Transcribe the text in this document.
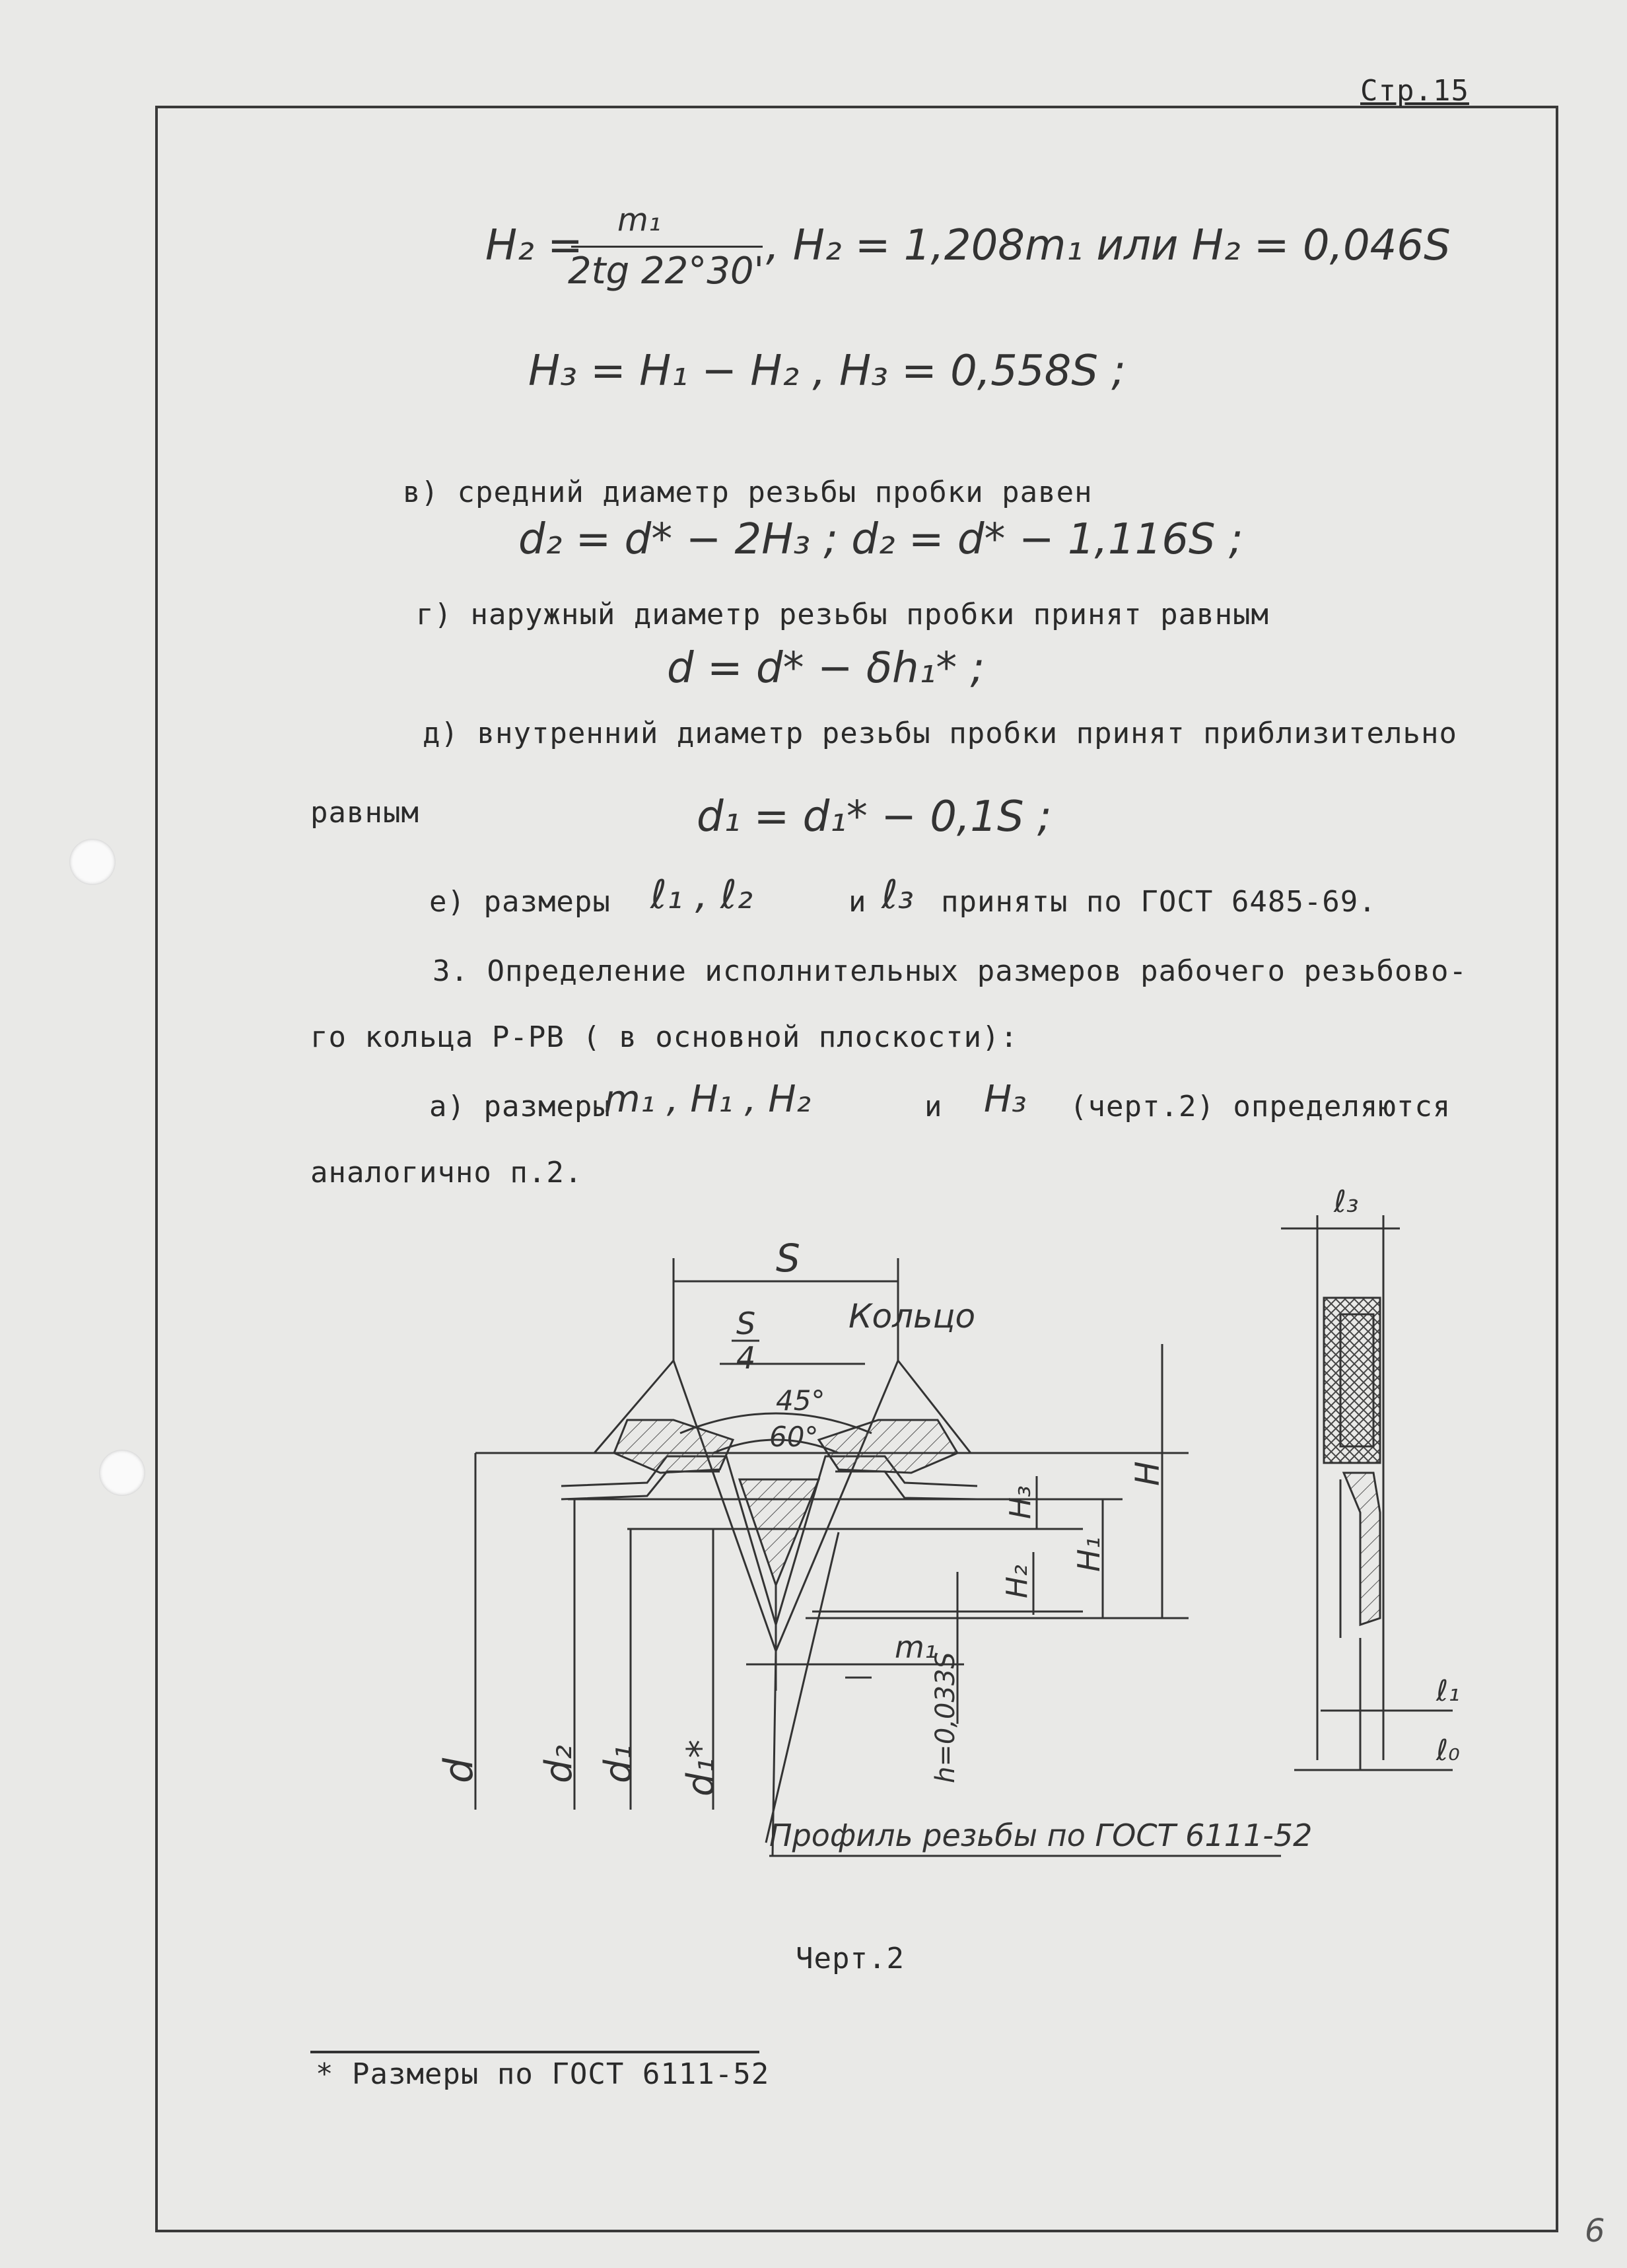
Стр.15
6
H₂ =
m₁
2tg 22°30'
, H₂ = 1,208m₁ или H₂ = 0,046S
H₃ = H₁ − H₂ , H₃ = 0,558S ;
в) средний диаметр резьбы пробки равен
d₂ = d* − 2H₃ ; d₂ = d* − 1,116S ;
г) наружный диаметр резьбы пробки принят равным
d = d* − δh₁* ;
д) внутренний диаметр резьбы пробки принят приблизительно
равным	d₁ = d₁* − 0,1S ;
е) размеры ℓ₁ , ℓ₂	и ℓ₃ приняты по ГОСТ 6485-69.
3. Определение исполнительных размеров рабочего резьбово-
го кольца Р-РВ ( в основной плоскости):
а) размеры
m₁ , H₁ , H₂	и H₃ (черт.2) определяются
аналогично п.2.
S
S
4
Кольцо
45°
60°
H
H₁
H₃
H₂
m₁
h=0,033S
d d₂ d₁ d₁*
ℓ₃
ℓ₁
ℓ₀
Профиль резьбы по ГОСТ 6111-52
Черт.2
* Размеры по ГОСТ 6111-52
